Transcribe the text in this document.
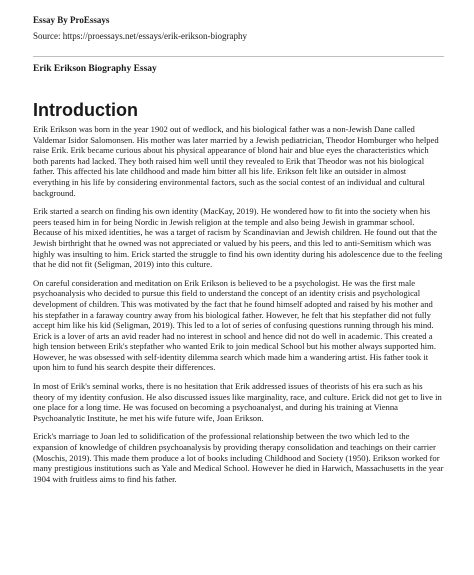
Essay By ProEssays
Source: https://proessays.net/essays/erik-erikson-biography
Erik Erikson Biography Essay
Introduction

Erik Erikson was born in the year 1902 out of wedlock, and his biological father was a non-Jewish Dane called Valdemar Isidor Salomonsen. His mother was later married by a Jewish pediatrician, Theodor Homburger who helped raise Erik. Erik became curious about his physical appearance of blond hair and blue eyes the characteristics which both parents had lacked. They both raised him well until they revealed to Erik that Theodor was not his biological father. This affected his late childhood and made him bitter all his life. Erikson felt like an outsider in almost everything in his life by considering environmental factors, such as the social contest of an individual and cultural background.

Erik started a search on finding his own identity (MacKay, 2019). He wondered how to fit into the society when his peers teased him in for being Nordic in Jewish religion at the temple and also being Jewish in grammar school. Because of his mixed identities, he was a target of racism by Scandinavian and Jewish children. He found out that the Jewish birthright that he owned was not appreciated or valued by his peers, and this led to anti-Semitism which was highly was insulting to him. Erick started the struggle to find his own identity during his adolescence due to the feeling that he did not fit (Seligman, 2019) into this culture.

On careful consideration and meditation on Erik Erikson is believed to be a psychologist. He was the first male psychoanalysis who decided to pursue this field to understand the concept of an identity crisis and psychological development of children. This was motivated by the fact that he found himself adopted and raised by his mother and his stepfather in a faraway country away from his biological father. However, he felt that his stepfather did not fully accept him like his kid (Seligman, 2019). This led to a lot of series of confusing questions running through his mind. Erick is a lover of arts an avid reader had no interest in school and hence did not do well in academic. This created a high tension between Erik's stepfather who wanted Erik to join medical School but his mother always supported him. However, he was obsessed with self-identity dilemma search which made him a wandering artist. His father took it upon him to fund his search despite their differences.

In most of Erik's seminal works, there is no hesitation that Erik addressed issues of theorists of his era such as his theory of my identity confusion. He also discussed issues like marginality, race, and culture. Erick did not get to live in one place for a long time. He was focused on becoming a psychoanalyst, and during his training at Vienna Psychoanalytic Institute, he met his wife future wife, Joan Erikson.

Erick's marriage to Joan led to solidification of the professional relationship between the two which led to the expansion of knowledge of children psychoanalysis by providing therapy consolidation and teachings on their carrier (Moschis, 2019). This made them produce a lot of books including Childhood and Society (1950). Erikson worked for many prestigious institutions such as Yale and Medical School. However he died in Harwich, Massachusetts in the year 1904 with fruitless aims to find his father.
